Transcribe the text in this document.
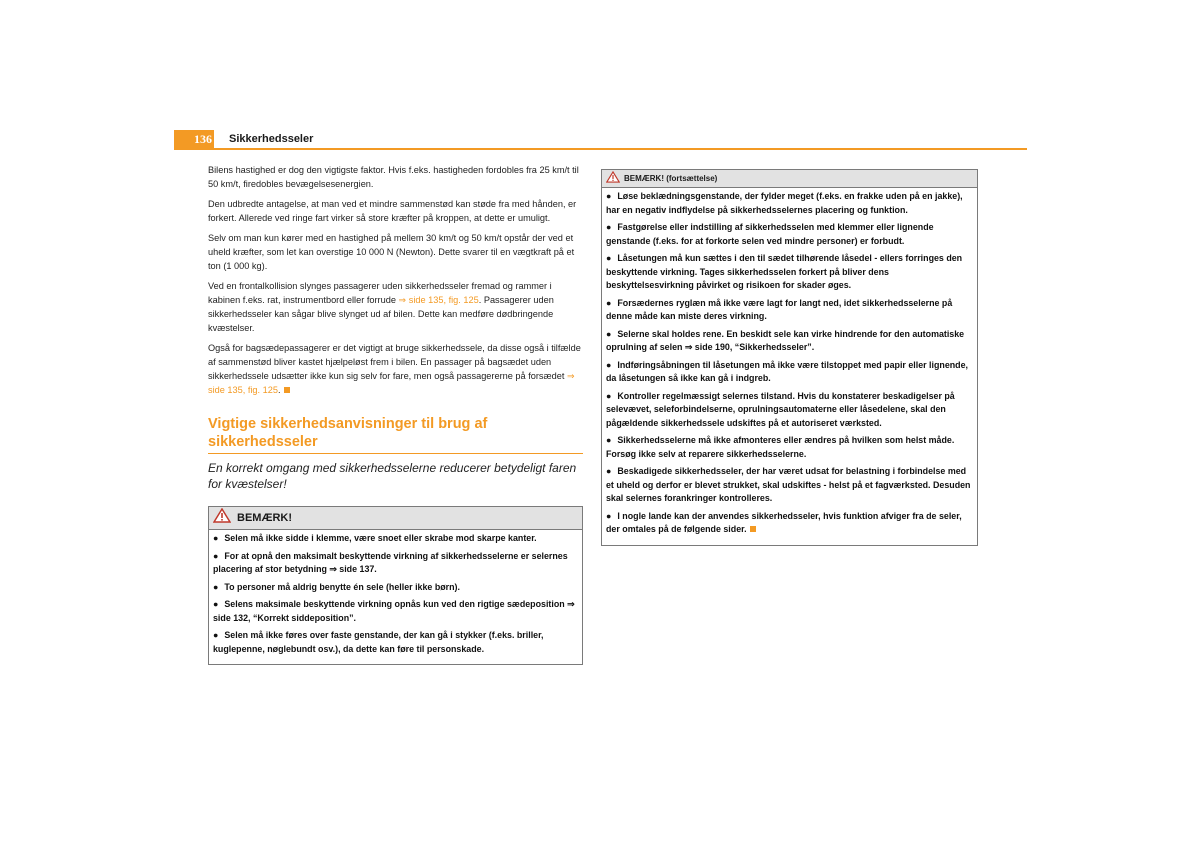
136 Sikkerhedsseler

Bilens hastighed er dog den vigtigste faktor. Hvis f.eks. hastigheden fordobles fra 25 km/t til 50 km/t, firedobles bevægelsesenergien.

Den udbredte antagelse, at man ved et mindre sammenstød kan støde fra med hånden, er forkert. Allerede ved ringe fart virker så store kræfter på kroppen, at dette er umuligt.

Selv om man kun kører med en hastighed på mellem 30 km/t og 50 km/t opstår der ved et uheld kræfter, som let kan overstige 10 000 N (Newton). Dette svarer til en vægtkraft på et ton (1 000 kg).

Ved en frontalkollision slynges passagerer uden sikkerhedsseler fremad og rammer i kabinen f.eks. rat, instrumentbord eller forrude ⇒ side 135, fig. 125. Passagerer uden sikkerhedsseler kan sågar blive slynget ud af bilen. Dette kan medføre dødbringende kvæstelser.

Også for bagsædepassagerer er det vigtigt at bruge sikkerhedssele, da disse også i tilfælde af sammenstød bliver kastet hjælpeløst frem i bilen. En passager på bagsædet uden sikkerhedssele udsætter ikke kun sig selv for fare, men også passagererne på forsædet ⇒ side 135, fig. 125.

Vigtige sikkerhedsanvisninger til brug af sikkerhedsseler

En korrekt omgang med sikkerhedsselerne reducerer betydeligt faren for kvæstelser!

BEMÆRK!

● Selen må ikke sidde i klemme, være snoet eller skrabe mod skarpe kanter.

● For at opnå den maksimalt beskyttende virkning af sikkerhedsselerne er selernes placering af stor betydning ⇒ side 137.

● To personer må aldrig benytte én sele (heller ikke børn).

● Selens maksimale beskyttende virkning opnås kun ved den rigtige sædeposition ⇒ side 132, “Korrekt siddeposition”.

● Selen må ikke føres over faste genstande, der kan gå i stykker (f.eks. briller, kuglepenne, nøglebundt osv.), da dette kan føre til personskade.

BEMÆRK! (fortsættelse)

● Løse beklædningsgenstande, der fylder meget (f.eks. en frakke uden på en jakke), har en negativ indflydelse på sikkerhedsselernes placering og funktion.

● Fastgørelse eller indstilling af sikkerhedsselen med klemmer eller lignende genstande (f.eks. for at forkorte selen ved mindre personer) er forbudt.

● Låsetungen må kun sættes i den til sædet tilhørende låsedel - ellers forringes den beskyttende virkning. Tages sikkerhedsselen forkert på bliver dens beskyttelsesvirkning påvirket og risikoen for skader øges.

● Forsædernes ryglæn må ikke være lagt for langt ned, idet sikkerhedsselerne på denne måde kan miste deres virkning.

● Selerne skal holdes rene. En beskidt sele kan virke hindrende for den automatiske oprulning af selen ⇒ side 190, “Sikkerhedsseler”.

● Indføringsåbningen til låsetungen må ikke være tilstoppet med papir eller lignende, da låsetungen så ikke kan gå i indgreb.

● Kontroller regelmæssigt selernes tilstand. Hvis du konstaterer beskadigelser på selevævet, seleforbindelserne, oprulningsautomaterne eller låsedelene, skal den pågældende sikkerhedssele udskiftes på et autoriseret værksted.

● Sikkerhedsselerne må ikke afmonteres eller ændres på hvilken som helst måde. Forsøg ikke selv at reparere sikkerhedsselerne.

● Beskadigede sikkerhedsseler, der har været udsat for belastning i forbindelse med et uheld og derfor er blevet strukket, skal udskiftes - helst på et fagværksted. Desuden skal selernes forankringer kontrolleres.

● I nogle lande kan der anvendes sikkerhedsseler, hvis funktion afviger fra de seler, der omtales på de følgende sider.
